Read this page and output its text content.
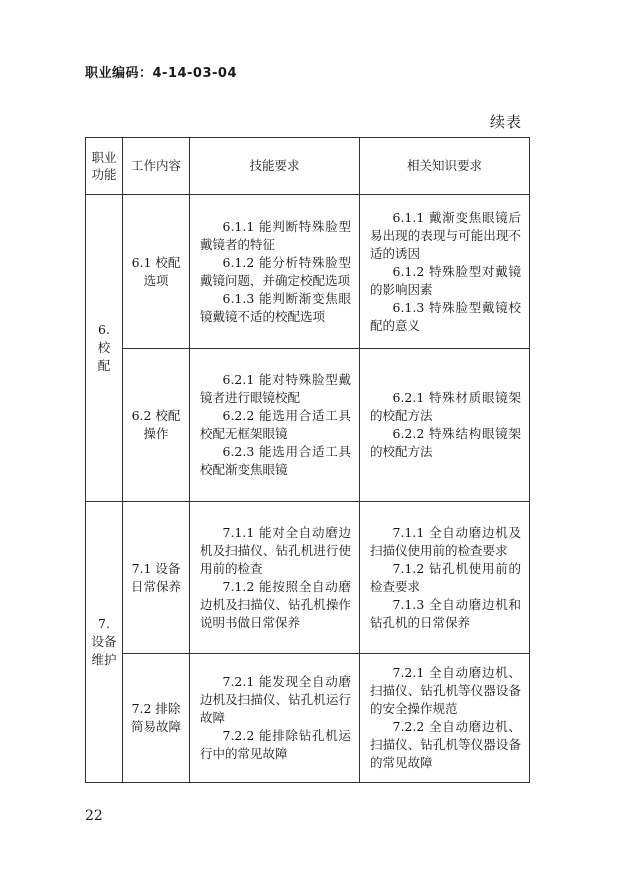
职业编码：4-14-03-04
续表
职业
功能	工作内容	技能要求	相关知识要求

6.
校
配	6.1 校配选项	6.1.1 能判断特殊脸型戴镜者的特征
6.1.2 能分析特殊脸型戴镜问题，并确定校配选项
6.1.3 能判断渐变焦眼镜戴镜不适的校配选项	6.1.1 戴渐变焦眼镜后易出现的表现与可能出现不适的诱因
6.1.2 特殊脸型对戴镜的影响因素
6.1.3 特殊脸型戴镜校配的意义

	6.2 校配操作	6.2.1 能对特殊脸型戴镜者进行眼镜校配
6.2.2 能选用合适工具校配无框架眼镜
6.2.3 能选用合适工具校配渐变焦眼镜	6.2.1 特殊材质眼镜架的校配方法
6.2.2 特殊结构眼镜架的校配方法

7.
设备
维护	7.1 设备日常保养	7.1.1 能对全自动磨边机及扫描仪、钻孔机进行使用前的检查
7.1.2 能按照全自动磨边机及扫描仪、钻孔机操作说明书做日常保养	7.1.1 全自动磨边机及扫描仪使用前的检查要求
7.1.2 钻孔机使用前的检查要求
7.1.3 全自动磨边机和钻孔机的日常保养

	7.2 排除简易故障	7.2.1 能发现全自动磨边机及扫描仪、钻孔机运行故障
7.2.2 能排除钻孔机运行中的常见故障	7.2.1 全自动磨边机、扫描仪、钻孔机等仪器设备的安全操作规范
7.2.2 全自动磨边机、扫描仪、钻孔机等仪器设备的常见故障
22
